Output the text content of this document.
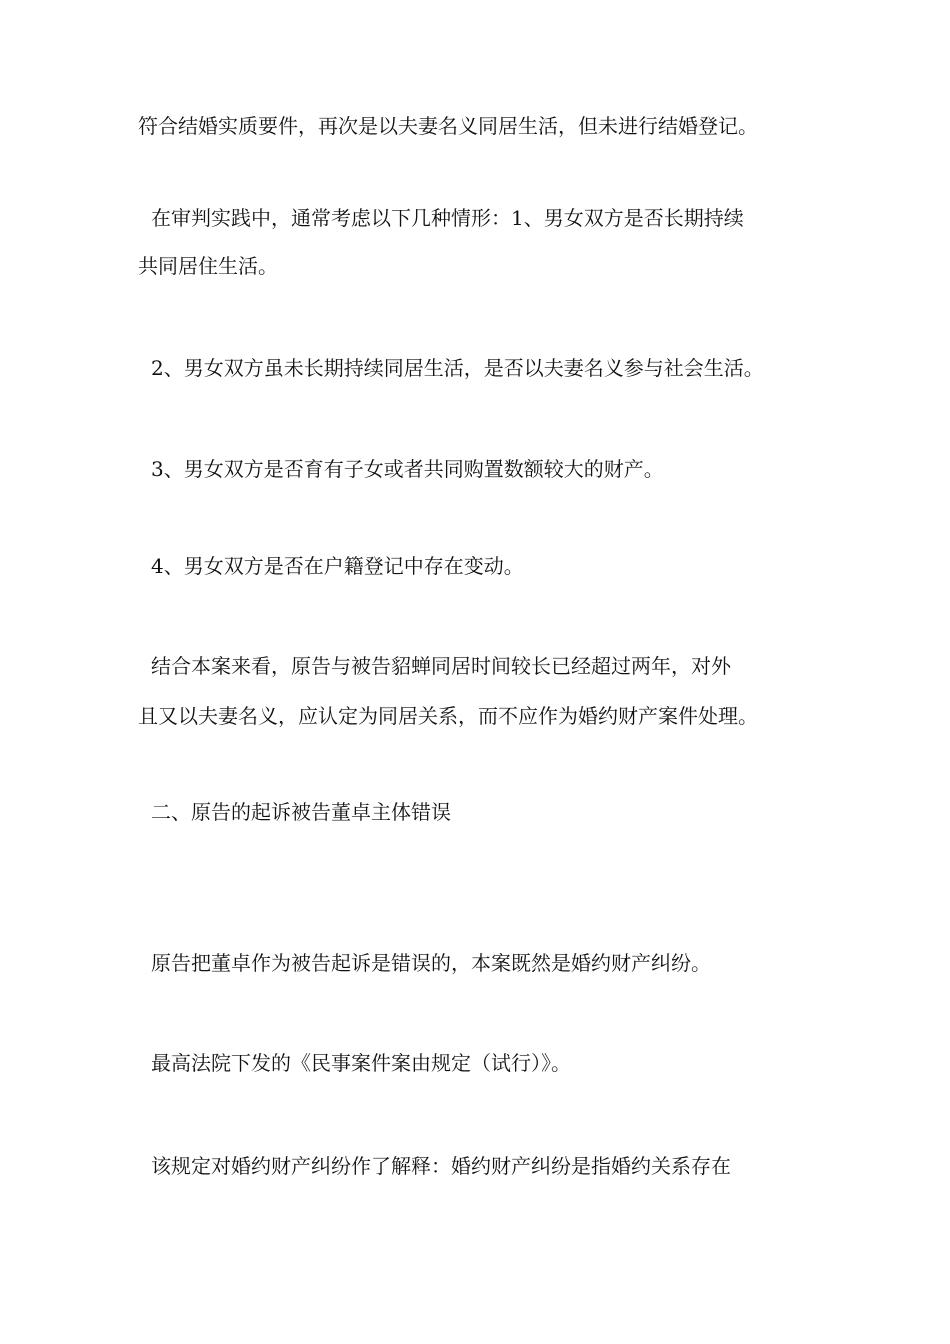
符合结婚实质要件，再次是以夫妻名义同居生活，但未进行结婚登记。
在审判实践中，通常考虑以下几种情形：1、男女双方是否长期持续
共同居住生活。
2、男女双方虽未长期持续同居生活，是否以夫妻名义参与社会生活。
3、男女双方是否育有子女或者共同购置数额较大的财产。
4、男女双方是否在户籍登记中存在变动。
结合本案来看，原告与被告貂蝉同居时间较长已经超过两年，对外
且又以夫妻名义，应认定为同居关系，而不应作为婚约财产案件处理。
二、原告的起诉被告董卓主体错误
原告把董卓作为被告起诉是错误的，本案既然是婚约财产纠纷。
最高法院下发的《民事案件案由规定（试行）》。
该规定对婚约财产纠纷作了解释：婚约财产纠纷是指婚约关系存在
